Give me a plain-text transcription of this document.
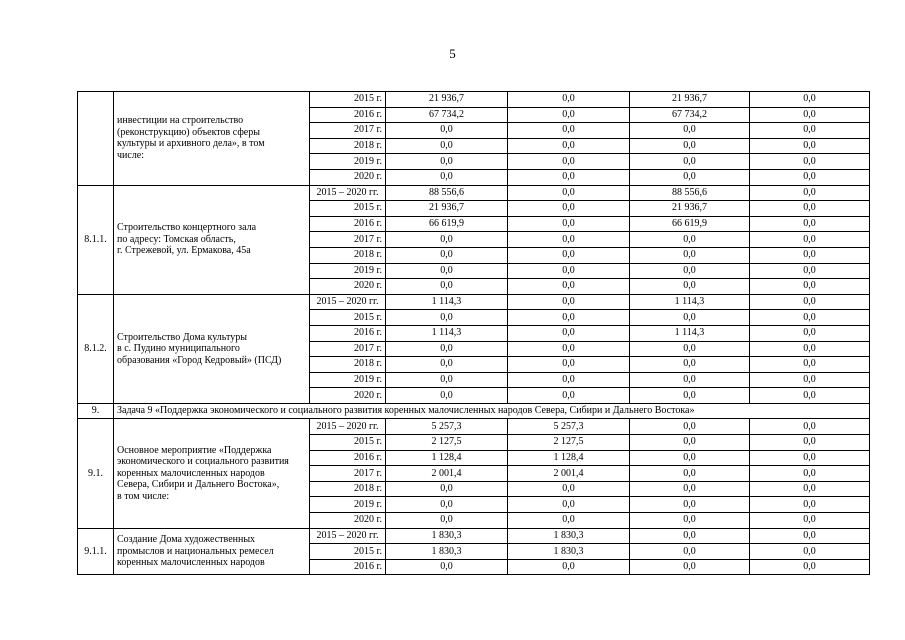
5
	инвестиции на строительство
(реконструкцию) объектов сферы
культуры и архивного дела», в том
числе:	2015 г.	21 936,7	0,0	21 936,7	0,0
		2016 г.	67 734,2	0,0	67 734,2	0,0
		2017 г.	0,0	0,0	0,0	0,0
		2018 г.	0,0	0,0	0,0	0,0
		2019 г.	0,0	0,0	0,0	0,0
		2020 г.	0,0	0,0	0,0	0,0
8.1.1.	Строительство концертного зала
по адресу: Томская область,
г. Стрежевой, ул. Ермакова, 45а	2015 – 2020 гг.	88 556,6	0,0	88 556,6	0,0
		2015 г.	21 936,7	0,0	21 936,7	0,0
		2016 г.	66 619,9	0,0	66 619,9	0,0
		2017 г.	0,0	0,0	0,0	0,0
		2018 г.	0,0	0,0	0,0	0,0
		2019 г.	0,0	0,0	0,0	0,0
		2020 г.	0,0	0,0	0,0	0,0
8.1.2.	Строительство Дома культуры
в с. Пудино муниципального
образования «Город Кедровый» (ПСД)	2015 – 2020 гг.	1 114,3	0,0	1 114,3	0,0
		2015 г.	0,0	0,0	0,0	0,0
		2016 г.	1 114,3	0,0	1 114,3	0,0
		2017 г.	0,0	0,0	0,0	0,0
		2018 г.	0,0	0,0	0,0	0,0
		2019 г.	0,0	0,0	0,0	0,0
		2020 г.	0,0	0,0	0,0	0,0
9.	Задача 9 «Поддержка экономического и социального развития коренных малочисленных народов Севера, Сибири и Дальнего Востока»					
9.1.	Основное мероприятие «Поддержка
экономического и социального развития
коренных малочисленных народов
Севера, Сибири и Дальнего Востока»,
в том числе:	2015 – 2020 гг.	5 257,3	5 257,3	0,0	0,0
		2015 г.	2 127,5	2 127,5	0,0	0,0
		2016 г.	1 128,4	1 128,4	0,0	0,0
		2017 г.	2 001,4	2 001,4	0,0	0,0
		2018 г.	0,0	0,0	0,0	0,0
		2019 г.	0,0	0,0	0,0	0,0
		2020 г.	0,0	0,0	0,0	0,0
9.1.1.	Создание Дома художественных
промыслов и национальных ремесел
коренных малочисленных народов	2015 – 2020 гг.	1 830,3	1 830,3	0,0	0,0
		2015 г.	1 830,3	1 830,3	0,0	0,0
		2016 г.	0,0	0,0	0,0	0,0
